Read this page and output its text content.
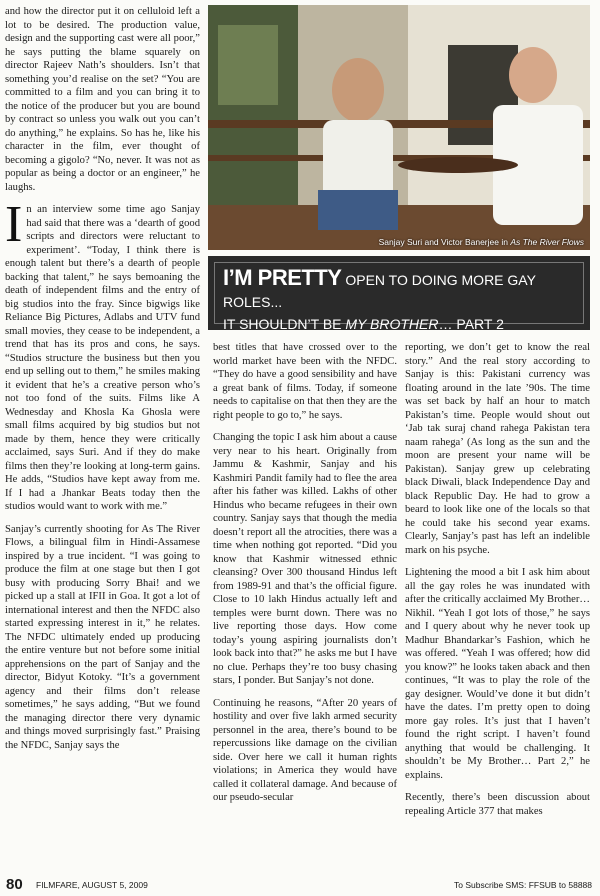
and how the director put it on celluloid left a lot to be desired. The production value, design and the supporting cast were all poor,” he says putting the blame squarely on director Rajeev Nath’s shoulders. Isn’t that something you’d realise on the set? “You are committed to a film and you can bring it to the notice of the producer but you are bound by contract so unless you walk out you can’t do anything,” he explains. So has he, like his character in the film, ever thought of becoming a gigolo? “No, never. It was not as popular as being a doctor or an engineer,” he laughs.

In an interview some time ago Sanjay had said that there was a ‘dearth of good scripts and directors were reluctant to experiment’. “Today, I think there is enough talent but there’s a dearth of people backing that talent,” he says bemoaning the death of independent films and the entry of big studios into the fray. Since bigwigs like Reliance Big Pictures, Adlabs and UTV fund small movies, they cease to be independent, a trend that has its pros and cons, he says. “Studios structure the business but then you end up selling out to them,” he smiles making it evident that he’s a creative person who’s not too fond of the suits. Films like A Wednesday and Khosla Ka Ghosla were small films acquired by big studios but not made by them, hence they were critically acclaimed, says Suri. And if they do make films then they’re looking at long-term gains. He adds, “Studios have kept away from me. If I had a Jhankar Beats today then the studios would want to work with me.”

Sanjay’s currently shooting for As The River Flows, a bilingual film in Hindi-Assamese inspired by a true incident. “I was going to produce the film at one stage but then I got busy with producing Sorry Bhai! and we picked up a stall at IFII in Goa. It got a lot of international interest and then the NFDC also started expressing interest in it,” he relates. The NFDC ultimately ended up producing the entire venture but not before some initial apprehensions on the part of Sanjay and the director, Bidyut Kotoky. “It’s a government agency and their films don’t release sometimes,” he says adding, “But we found the managing director there very dynamic and things moved surprisingly fast.” Praising the NFDC, Sanjay says the

Sanjay Suri and Victor Banerjee in As The River Flows
I’M PRETTY OPEN TO DOING MORE GAY ROLES...
IT SHOULDN’T BE MY BROTHER… PART 2

best titles that have crossed over to the world market have been with the NFDC. “They do have a good sensibility and have a great bank of films. Today, if someone needs to capitalise on that then they are the right people to go to,” he says.

Changing the topic I ask him about a cause very near to his heart. Originally from Jammu & Kashmir, Sanjay and his Kashmiri Pandit family had to flee the area after his father was killed. Lakhs of other Hindus who became refugees in their own country. Sanjay says that though the media doesn’t report all the atrocities, there was a time when nothing got reported. “Did you know that Kashmir witnessed ethnic cleansing? Over 300 thousand Hindus left from 1989-91 and that’s the official figure. Close to 10 lakh Hindus actually left and temples were burnt down. There was no live reporting those days. How come today’s young aspiring journalists don’t look back into that?” he asks me but I have no clue. Perhaps they’re too busy chasing stars, I ponder. But Sanjay’s not done.

Continuing he reasons, “After 20 years of hostility and over five lakh armed security personnel in the area, there’s bound to be repercussions like damage on the civilian side. Over here we call it human rights violations; in America they would have called it collateral damage. And because of our pseudo-secular

reporting, we don’t get to know the real story.” And the real story according to Sanjay is this: Pakistani currency was floating around in the late ’90s. The time was set back by half an hour to match Pakistan’s time. People would shout out ‘Jab tak suraj chand rahega Pakistan tera naam rahega’ (As long as the sun and the moon are present your name will be Pakistan). Sanjay grew up celebrating black Diwali, black Independence Day and black Republic Day. He had to grow a beard to look like one of the locals so that he could take his second year exams. Clearly, Sanjay’s past has left an indelible mark on his psyche.

Lightening the mood a bit I ask him about all the gay roles he was inundated with after the critically acclaimed My Brother…Nikhil. “Yeah I got lots of those,” he says and I query about why he never took up Madhur Bhandarkar’s Fashion, which he was offered. “Yeah I was offered; how did you know?” he looks taken aback and then continues, “It was to play the role of the gay designer. Would’ve done it but didn’t have the dates. I’m pretty open to doing more gay roles. It’s just that I haven’t found the right script. I haven’t found anything that would be challenging. It shouldn’t be My Brother… Part 2,” he explains.

Recently, there’s been discussion about repealing Article 377 that makes

80 FILMFARE, AUGUST 5, 2009	To Subscribe SMS: FFSUB to 58888
